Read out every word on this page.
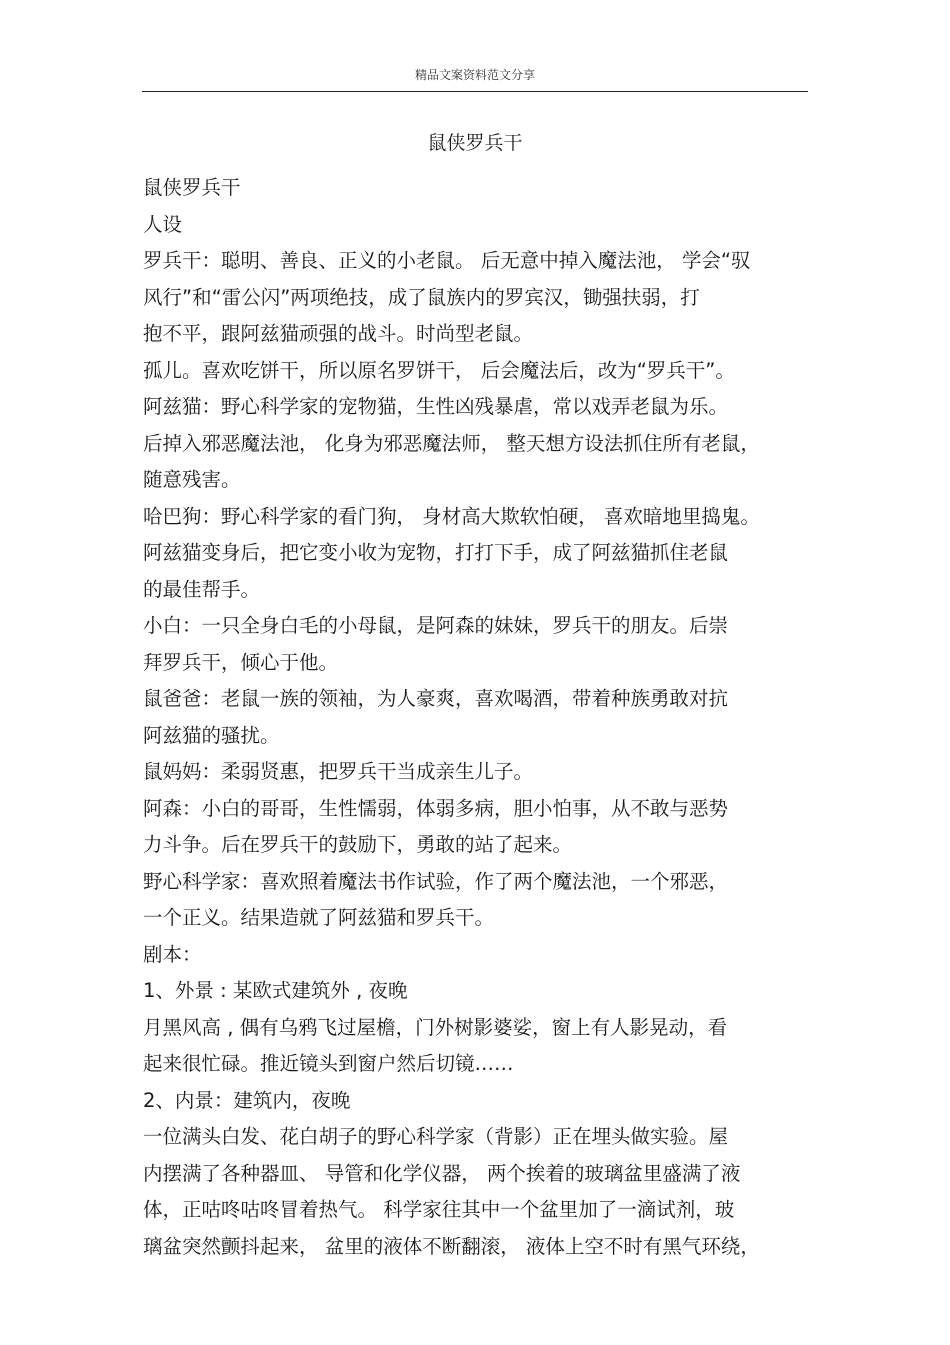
精品文案资料范文分享
鼠侠罗兵干
鼠侠罗兵干
人设
罗兵干：聪明、善良、正义的小老鼠。 后无意中掉入魔法池， 学会“驭
风行”和“雷公闪”两项绝技，成了鼠族内的罗宾汉，锄强扶弱，打
抱不平，跟阿兹猫顽强的战斗。时尚型老鼠。
孤儿。喜欢吃饼干，所以原名罗饼干， 后会魔法后，改为“罗兵干”。
阿兹猫：野心科学家的宠物猫，生性凶残暴虐，常以戏弄老鼠为乐。
后掉入邪恶魔法池， 化身为邪恶魔法师， 整天想方设法抓住所有老鼠，
随意残害。
哈巴狗：野心科学家的看门狗， 身材高大欺软怕硬， 喜欢暗地里捣鬼。
阿兹猫变身后，把它变小收为宠物，打打下手，成了阿兹猫抓住老鼠
的最佳帮手。
小白：一只全身白毛的小母鼠，是阿森的妹妹，罗兵干的朋友。后崇
拜罗兵干，倾心于他。
鼠爸爸：老鼠一族的领袖，为人豪爽，喜欢喝酒，带着种族勇敢对抗
阿兹猫的骚扰。
鼠妈妈：柔弱贤惠，把罗兵干当成亲生儿子。
阿森：小白的哥哥，生性懦弱，体弱多病，胆小怕事，从不敢与恶势
力斗争。后在罗兵干的鼓励下，勇敢的站了起来。
野心科学家：喜欢照着魔法书作试验，作了两个魔法池，一个邪恶，
一个正义。结果造就了阿兹猫和罗兵干。
剧本：
1、外景 : 某欧式建筑外 , 夜晚
月黑风高 , 偶有乌鸦飞过屋檐，门外树影婆娑，窗上有人影晃动，看
起来很忙碌。推近镜头到窗户然后切镜……
2、内景：建筑内，夜晚
一位满头白发、花白胡子的野心科学家（背影）正在埋头做实验。屋
内摆满了各种器皿、 导管和化学仪器， 两个挨着的玻璃盆里盛满了液
体，正咕咚咕咚冒着热气。 科学家往其中一个盆里加了一滴试剂，玻
璃盆突然颤抖起来， 盆里的液体不断翻滚， 液体上空不时有黑气环绕，
